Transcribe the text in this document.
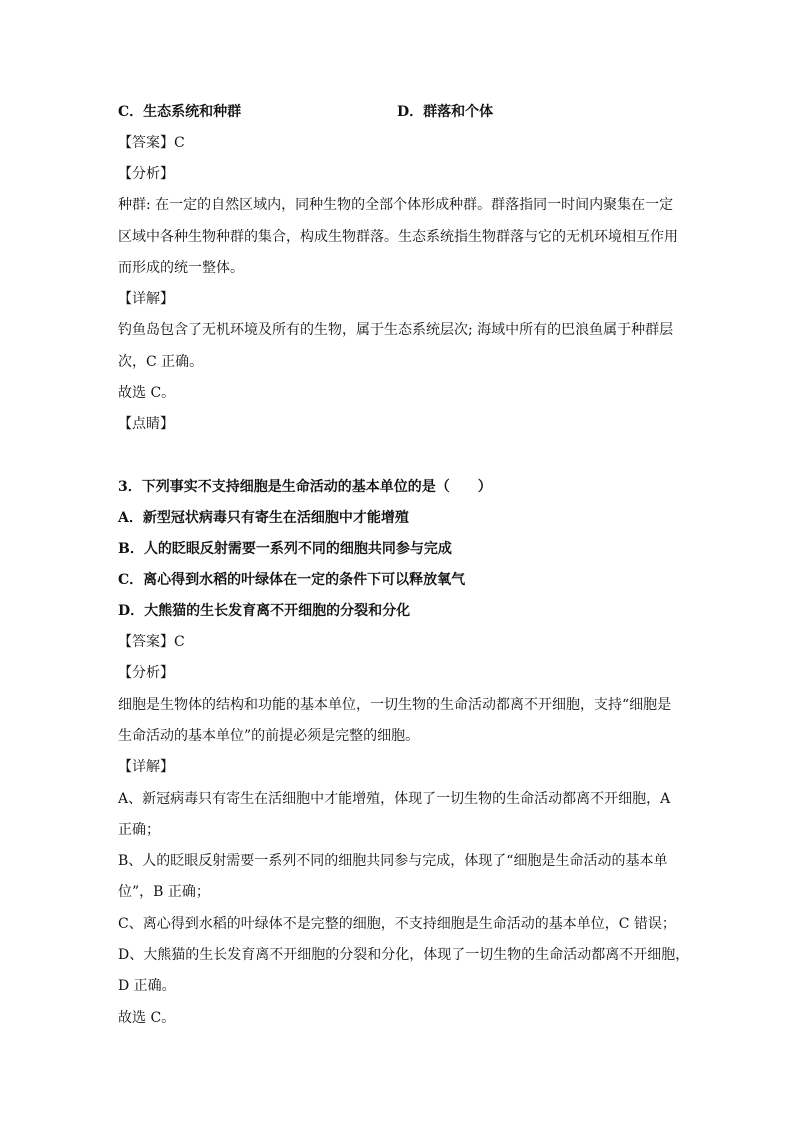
C．生态系统和种群	D．群落和个体
【答案】C
【分析】
种群: 在一定的自然区域内，同种生物的全部个体形成种群。群落指同一时间内聚集在一定
区域中各种生物种群的集合，构成生物群落。生态系统指生物群落与它的无机环境相互作用
而形成的统一整体。
【详解】
钓鱼岛包含了无机环境及所有的生物，属于生态系统层次; 海域中所有的巴浪鱼属于种群层
次，C 正确。
故选 C。
【点睛】
3．下列事实不支持细胞是生命活动的基本单位的是（　　）
A．新型冠状病毒只有寄生在活细胞中才能增殖
B．人的眨眼反射需要一系列不同的细胞共同参与完成
C．离心得到水稻的叶绿体在一定的条件下可以释放氧气
D．大熊猫的生长发育离不开细胞的分裂和分化
【答案】C
【分析】
细胞是生物体的结构和功能的基本单位，一切生物的生命活动都离不开细胞，支持“细胞是
生命活动的基本单位”的前提必须是完整的细胞。
【详解】
A、新冠病毒只有寄生在活细胞中才能增殖，体现了一切生物的生命活动都离不开细胞，A
正确；
B、人的眨眼反射需要一系列不同的细胞共同参与完成，体现了“细胞是生命活动的基本单
位”，B 正确；
C、离心得到水稻的叶绿体不是完整的细胞，不支持细胞是生命活动的基本单位，C 错误；
D、大熊猫的生长发育离不开细胞的分裂和分化，体现了一切生物的生命活动都离不开细胞，
D 正确。
故选 C。
